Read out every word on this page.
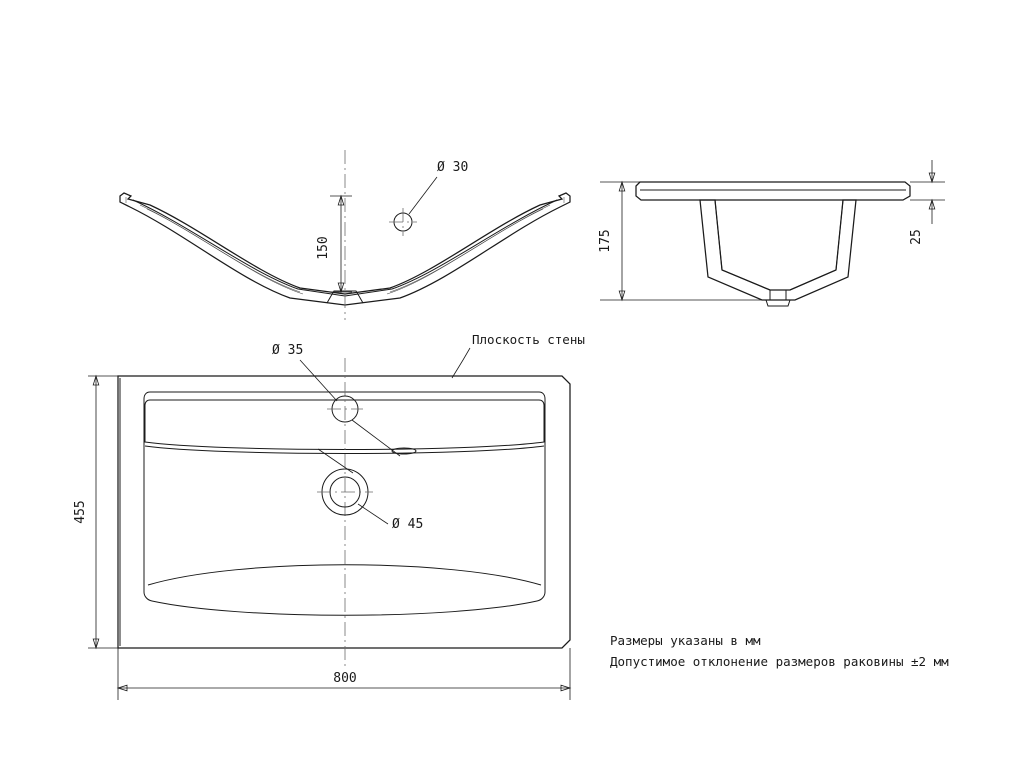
Ø 30
150	175	25
Ø 35
Ø 45
Плоскость стены
455
800
Размеры указаны в мм
Допустимое отклонение размеров раковины ±2 мм
